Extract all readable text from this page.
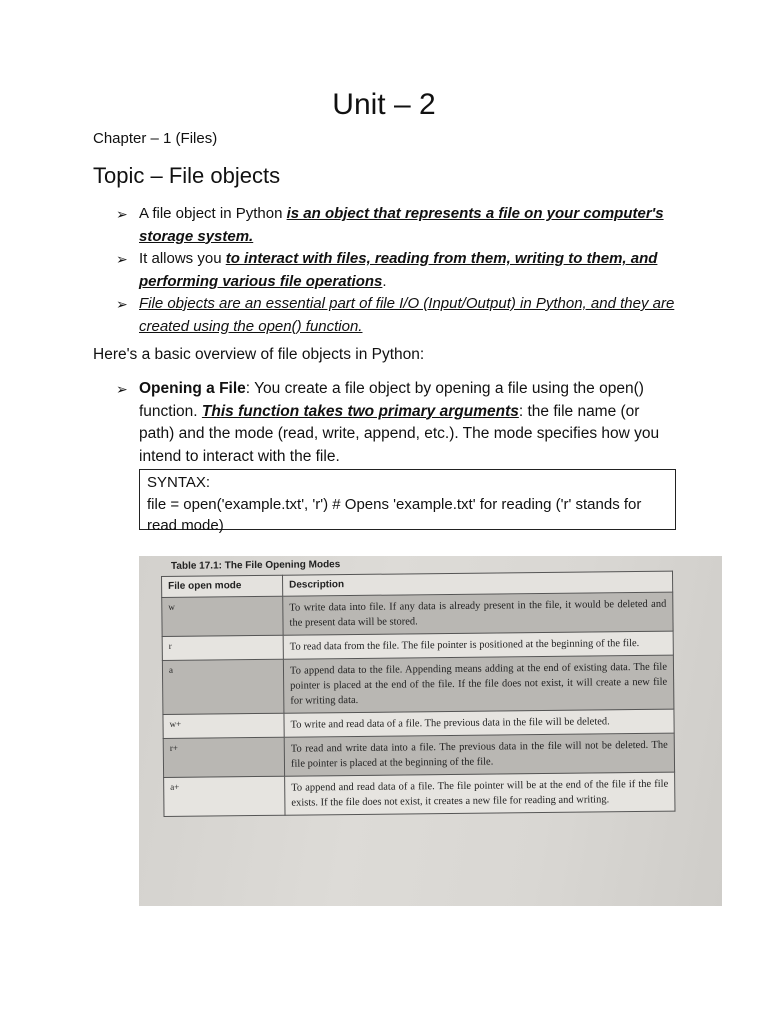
Unit – 2
Chapter – 1 (Files)
Topic – File objects
➢ A file object in Python is an object that represents a file on your computer's storage system.
➢ It allows you to interact with files, reading from them, writing to them, and performing various file operations.
➢ File objects are an essential part of file I/O (Input/Output) in Python, and they are created using the open() function.
Here's a basic overview of file objects in Python:
➢ Opening a File: You create a file object by opening a file using the open() function. This function takes two primary arguments: the file name (or path) and the mode (read, write, append, etc.). The mode specifies how you intend to interact with the file.
SYNTAX:
file = open('example.txt', 'r') # Opens 'example.txt' for reading ('r' stands for read mode)
Table 17.1: The File Opening Modes
File open mode	Description
w	To write data into file. If any data is already present in the file, it would be deleted and the present data will be stored.
r	To read data from the file. The file pointer is positioned at the beginning of the file.
a	To append data to the file. Appending means adding at the end of existing data. The file pointer is placed at the end of the file. If the file does not exist, it will create a new file for writing data.
w+	To write and read data of a file. The previous data in the file will be deleted.
r+	To read and write data into a file. The previous data in the file will not be deleted. The file pointer is placed at the beginning of the file.
a+	To append and read data of a file. The file pointer will be at the end of the file if the file exists. If the file does not exist, it creates a new file for reading and writing.
